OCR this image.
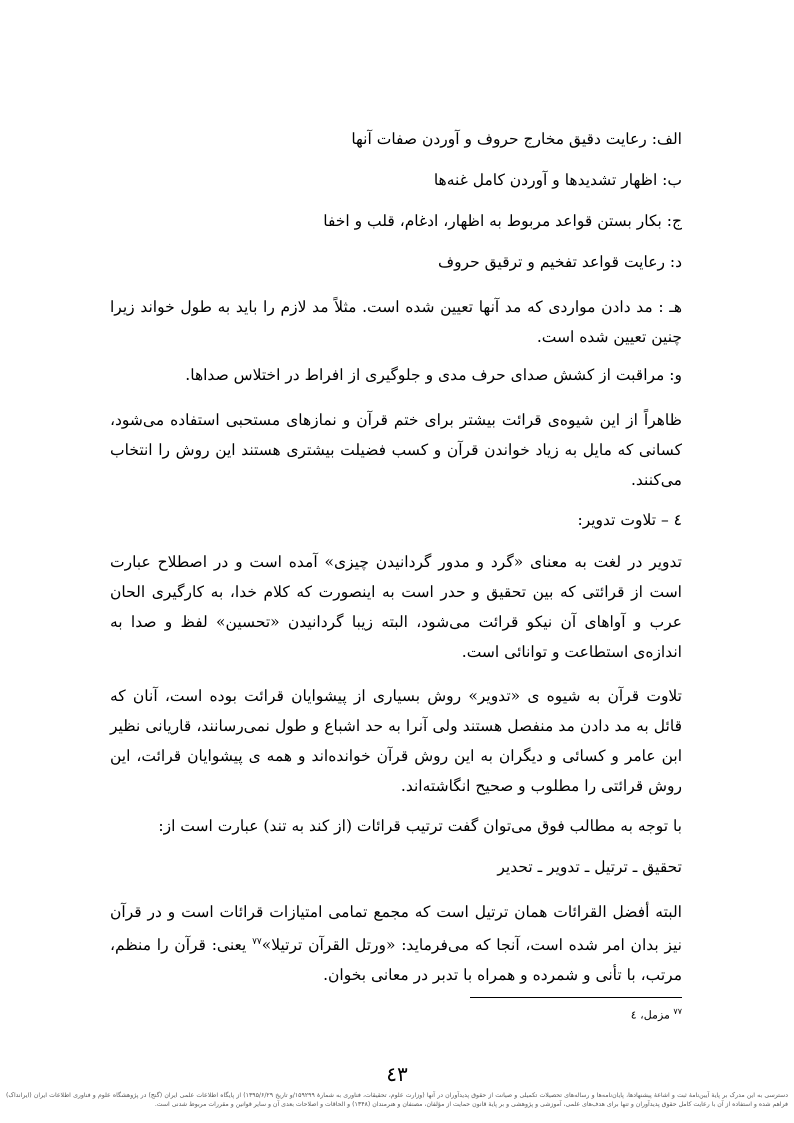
الف: رعایت دقیق مخارج حروف و آوردن صفات آنها
ب: اظهار تشدیدها و آوردن کامل غنه‌ها
ج: بکار بستن قواعد مربوط به اظهار، ادغام، قلب و اخفا
د: رعایت قواعد تفخیم و ترقیق حروف
هـ : مد دادن مواردی که مد آنها تعیین شده است. مثلاً مد لازم را باید به طول خواند زیرا چنین تعیین شده است.
و: مراقبت از کشش صدای حرف مدی و جلوگیری از افراط در اختلاس صداها.
ظاهراً از این شیوه‌ی قرائت بیشتر برای ختم قرآن و نمازهای مستحبی استفاده می‌شود، کسانی که مایل به زیاد خواندن قرآن و کسب فضیلت بیشتری هستند این روش را انتخاب می‌کنند.
٤ – تلاوت تدویر:
تدویر در لغت به معنای «گرد و مدور گردانیدن چیزی» آمده است و در اصطلاح عبارت است از قرائتی که بین تحقیق و حدر است به اینصورت که کلام خدا، به کارگیری الحان عرب و آواهای آن نیکو قرائت می‌شود، البته زیبا گردانیدن «تحسین» لفظ و صدا به اندازه‌ی استطاعت و توانائی است.
تلاوت قرآن به شیوه ی «تدویر» روش بسیاری از پیشوایان قرائت بوده است، آنان که قائل به مد دادن مد منفصل هستند ولی آنرا به حد اشباع و طول نمی‌رسانند، قاریانی نظیر ابن عامر و کسائی و دیگران به این روش قرآن خوانده‌اند و همه ی پیشوایان قرائت، این روش قرائتی را مطلوب و صحیح انگاشته‌اند.
با توجه به مطالب فوق می‌توان گفت ترتیب قرائات (از کند به تند) عبارت است از:
تحقیق ـ ترتیل ـ تدویر ـ تحدیر
البته أفضل القرائات همان ترتیل است که مجمع تمامی امتیازات قرائات است و در قرآن نیز بدان امر شده است، آنجا که می‌فرماید: «ورتل القرآن ترتیلا»$^{٧٧}$ یعنی: قرآن را منظم، مرتب، با تأنی و شمرده و همراه با تدبر در معانی بخوان.
$^{٧٧}$ مزمل، ٤
٤٣
دسترسی به این مدرک بر پایهٔ آیین‌نامهٔ ثبت و اشاعهٔ پیشنهادها، پایان‌نامه‌ها و رساله‌های تحصیلات تکمیلی و صیانت از حقوق پدیدآوران در آنها (وزارت علوم، تحقیقات، فناوری به شمارهٔ ۱۵۹۲۹۹/و تاریخ ۱۳۹۵/۶/۲۹) از پایگاه اطلاعات علمی ایران (گنج) در پژوهشگاه علوم و فناوری اطلاعات ایران (ایرانداک) فراهم شده و استفاده از آن با رعایت کامل حقوق پدیدآوران و تنها برای هدف‌های علمی، آموزشی و پژوهشی و بر پایهٔ قانون حمایت از مؤلفان، مصنفان و هنرمندان (۱۳۴۸) و الحاقات و اصلاحات بعدی آن و سایر قوانین و مقررات مربوط شدنی است.
